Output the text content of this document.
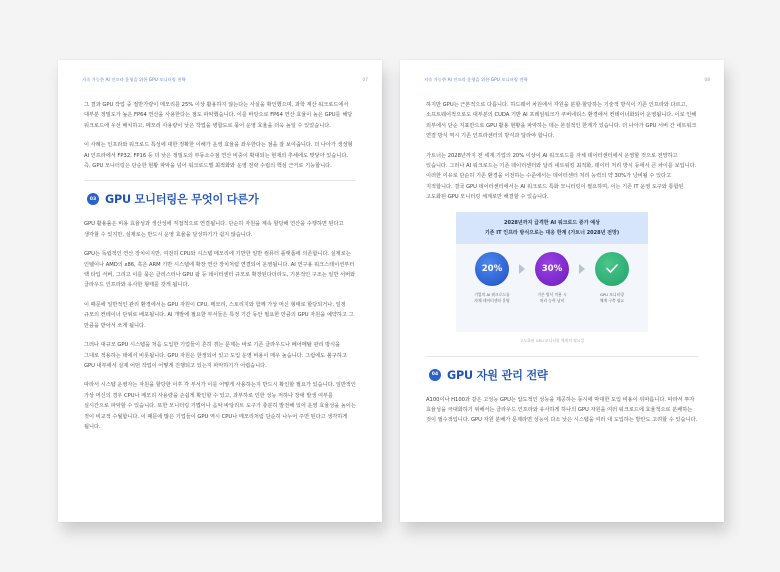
지속 가능한 AI 인프라 운영을 위한 GPU 모니터링 전략	07

그 결과 GPU 작업 중 절반가량이 메모리를 25% 이상 활용하지 않는다는 사실을 확인했으며, 과학 계산 워크로드에서 대부분 정밀도가 높은 FP64 연산을 사용한다는 점도 파악했습니다. 이를 바탕으로 FP64 연산 효율이 높은 GPU를 해당 워크로드에 우선 배치하고, 메모리 사용량이 낮은 작업을 병합도로 묶어 운영 효율을 더욱 높일 수 있었습니다.

이 사례는 인프라와 워크로드 특성에 대한 정확한 이해가 운영 효율을 좌우한다는 점을 잘 보여줍니다. 더 나아가 생성형 AI 인프라에서 FP32, FP16 등 더 낮은 정밀도의 부동소수점 연산 비중이 확대되는 현재의 추세에도 맞닿아 있습니다. 즉, GPU 모니터링은 단순한 현황 파악을 넘어 워크로드별 최적화와 운영 전략 수립의 핵심 근거로 기능합니다.

03 GPU 모니터링은 무엇이 다른가

GPU 활용률은 비용 효율성과 생산성에 직접적으로 연결됩니다. 단순히 자원을 계속 할당해 연산을 수행하면 된다고 생각할 수 있지만, 실제로는 반드시 운영 효율을 달성하기가 쉽지 않습니다.

GPU는 독립적인 연산 장치이지만, 여전히 CPU와 시스템 메모리에 기반한 일반 컴퓨터 플랫폼에 의존합니다. 실제로는 인텔이나 AMD의 x86, 혹은 ARM 기반 시스템에 확장 연산 장치처럼 연결되어 운영됩니다. AI 연구용 워크스테이션부터 랙 타입 서버, 그리고 이를 묶은 클러스터나 GPU 팜 등 데이터센터 규모로 확장된다더라도, 기본적인 구조는 일반 서버와 클라우드 인프라와 유사한 형태를 갖게 됩니다.

이 때문에 일반적인 관리 환경에서는 GPU 자원이 CPU, 메모리, 스토리지와 함께 가상 머신 형태로 할당되거나, 일정 규모의 컨테이너 단위로 배포됩니다. AI 개발에 필요한 부서들은 특정 기간 동안 필요한 만큼의 GPU 자원을 예약하고 그 만큼을 받아서 쓰게 됩니다.

그러나 대규모 GPU 시스템을 처음 도입한 기업들이 흔히 겪는 문제는 바로 기존 클라우드나 베어메탈 관리 방식을 그대로 적용하는 데에서 비롯됩니다. GPU 자원은 한정되어 있고 도입 운영 비용이 매우 높습니다. 그럼에도 불구하고 GPU 내부에서 실제 어떤 작업이 어떻게 진행되고 있는지 파악하기가 어렵습니다.

따라서 시스템 운영자는 자원을 할당한 이후 각 부서가 이를 어떻게 사용하는지 반드시 확인할 필요가 있습니다. 일반적인 가상 머신의 경우 CPU나 메모리 사용량을 손쉽게 확인할 수 있고, 과부하로 인한 성능 저하나 장애 발생 여부를 실시간으로 파악할 수 있습니다. 또한 모니터링 기법이나 음악 바탕리트 도구가 충분히 발전해 있어 운영 효율성을 높이는 것이 비교적 수월합니다. 이 때문에 많은 기업들이 GPU 역시 CPU나 메모리처럼 단순히 나누어 주면 된다고 생각하게 됩니다.

지속 가능한 AI 인프라 운영을 위한 GPU 모니터링 전략	08

하지만 GPU는 근본적으로 다릅니다. 하드웨어 차원에서 자원을 분할·할당하는 기술적 방식이 기존 인프라와 다르고, 소프트웨어적으로도 대부분의 CUDA 기반 AI 프레임워크가 쿠버네티스 환경에서 컨테이너화되어 운영됩니다. 이로 인해 외부에서 단순 지표만으로 GPU 활용 현황을 파악하는 데는 본질적인 한계가 있습니다. 더 나아가 GPU 서버 간 네트워크 연결 방식 역시 기존 인프라센터의 방식과 달라야 합니다.

가트너는 2028년까지 전 세계 기업의 20% 이상이 AI 워크로드를 자체 데이터센터에서 운영할 것으로 전망하고 있습니다. 그러나 AI 워크로드는 기존 데이터센터와 달리 네트워킹 최적화, 데이터 처리 방식 등에서 큰 차이를 보입니다. 이러한 이유로 단순히 기존 환경을 이전하는 수준에서는 데이터센터 처리 능력의 약 30%가 낭비될 수 있다고 지적합니다. 결국 GPU 데이터센터에서는 AI 워크로드 특화 모니터링이 필요하며, 이는 기존 IT 운영 도구와 통합된 고도화된 GPU 모니터링 체계로만 해결할 수 있습니다.

2028년까지 급격한 AI 워크로드 증가 예상
기존 IT 인프라 방식으로는 대응 한계 (가트너 2028년 전망)
20%	30%
기업의 AI 워크로드를
자체 데이터센터 운영
기존 방식 적용 시
처리 능력 낭비
GPU 모니터링
체계 구축 필요
고도화된 GPU 모니터링 체계의 필요성
04 GPU 자원 관리 전략

A100이나 H100과 같은 고성능 GPU는 압도적인 성능을 제공하는 동시에 막대한 도입 비용이 뒤따릅니다. 따라서 투자 효율성을 극대화하기 위해서는 클라우드 인프라와 유사하게 하나의 GPU 자원을 여러 워크로드에 효율적으로 분배하는 것이 필수적입니다. GPU 자원 분배가 문제라면 성능이 다소 낮은 시스템을 여러 대 도입하는 방안도 고려할 수 있습니다.
